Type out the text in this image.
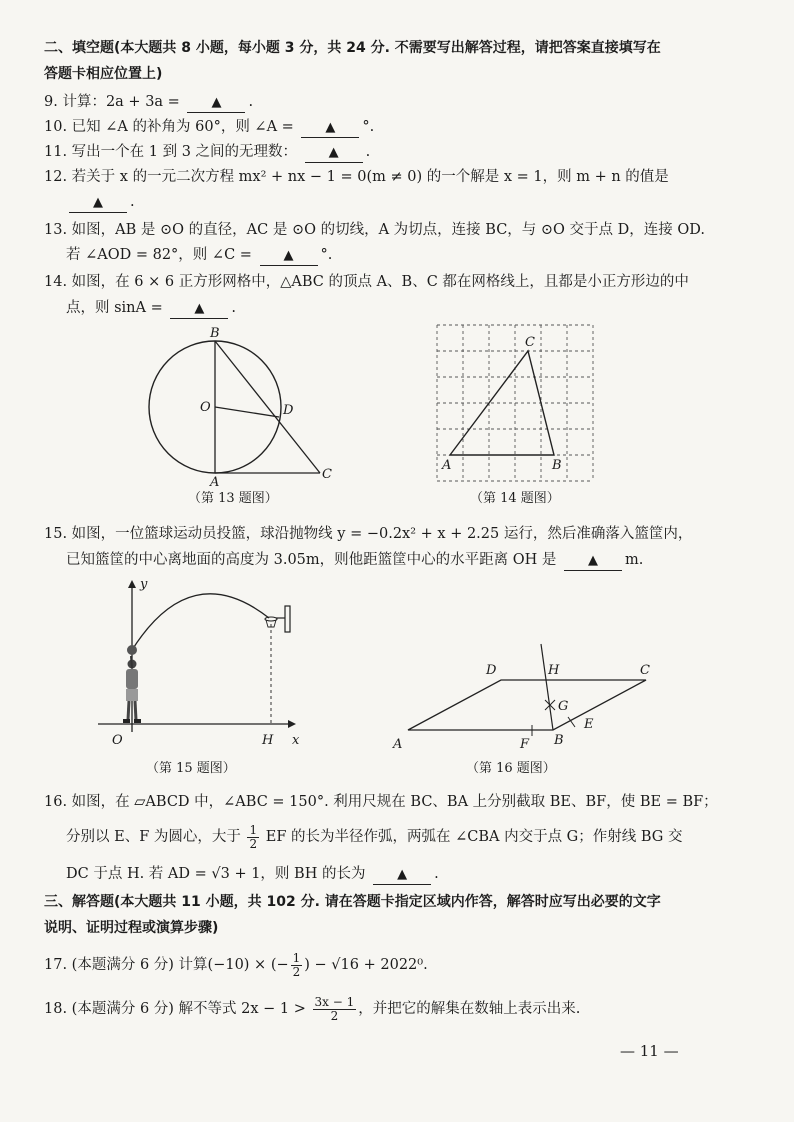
二、填空题(本大题共 8 小题，每小题 3 分，共 24 分. 不需要写出解答过程，请把答案直接填写在
答题卡相应位置上)
9. 计算：2a + 3a = ▲ .
10. 已知 ∠A 的补角为 60°，则 ∠A = ▲ °.
11. 写出一个在 1 到 3 之间的无理数： ▲ .
12. 若关于 x 的一元二次方程 mx² + nx − 1 = 0(m ≠ 0) 的一个解是 x = 1，则 m + n 的值是
▲ .
13. 如图，AB 是 ⊙O 的直径，AC 是 ⊙O 的切线，A 为切点，连接 BC，与 ⊙O 交于点 D，连接 OD.
若 ∠AOD = 82°，则 ∠C = ▲ °.
14. 如图，在 6 × 6 正方形网格中，△ABC 的顶点 A、B、C 都在网格线上，且都是小正方形边的中
点，则 sinA = ▲ .
B
O	D
A
C
（第 13 题图）
C
A	B
（第 14 题图）
15. 如图，一位篮球运动员投篮，球沿抛物线 y = −0.2x² + x + 2.25 运行，然后准确落入篮筐内，
已知篮筐的中心离地面的高度为 3.05m，则他距篮筐中心的水平距离 OH 是 ▲ m.
y
O	H x
（第 15 题图）
D	H	C
G
E
A	F B
（第 16 题图）
16. 如图，在 ▱ABCD 中，∠ABC = 150°. 利用尺规在 BC、BA 上分别截取 BE、BF，使 BE = BF；
分别以 E、F 为圆心，大于 $\frac{1}{2}$ EF 的长为半径作弧，两弧在 ∠CBA 内交于点 G；作射线 BG 交
DC 于点 H. 若 AD = √3 + 1，则 BH 的长为 ▲ .
三、解答题(本大题共 11 小题，共 102 分. 请在答题卡指定区域内作答，解答时应写出必要的文字
说明、证明过程或演算步骤)
17. (本题满分 6 分) 计算(−10) × (− $\frac{1}{2}$ ) − √16 + 2022⁰.
18. (本题满分 6 分) 解不等式 $2x - 1 > \frac{3x - 1}{2}$ ，并把它的解集在数轴上表示出来.
— 11 —
